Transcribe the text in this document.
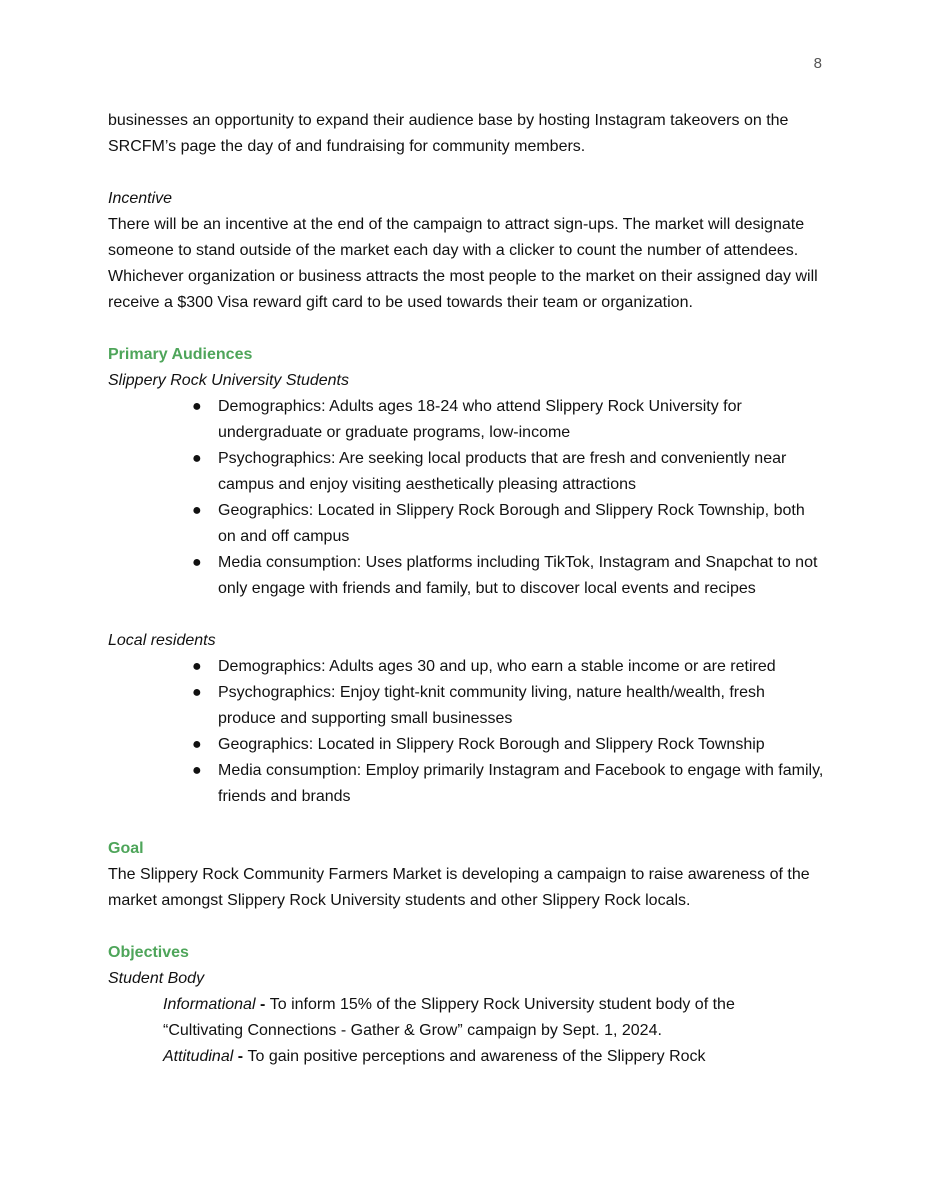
8

businesses an opportunity to expand their audience base by hosting Instagram takeovers on the SRCFM’s page the day of and fundraising for community members.

Incentive

There will be an incentive at the end of the campaign to attract sign-ups. The market will designate someone to stand outside of the market each day with a clicker to count the number of attendees. Whichever organization or business attracts the most people to the market on their assigned day will receive a $300 Visa reward gift card to be used towards their team or organization.

Primary Audiences

Slippery Rock University Students

● Demographics: Adults ages 18-24 who attend Slippery Rock University for undergraduate or graduate programs, low-income
● Psychographics: Are seeking local products that are fresh and conveniently near campus and enjoy visiting aesthetically pleasing attractions
● Geographics: Located in Slippery Rock Borough and Slippery Rock Township, both on and off campus
● Media consumption: Uses platforms including TikTok, Instagram and Snapchat to not only engage with friends and family, but to discover local events and recipes

Local residents

● Demographics: Adults ages 30 and up, who earn a stable income or are retired
● Psychographics: Enjoy tight-knit community living, nature health/wealth, fresh produce and supporting small businesses
● Geographics: Located in Slippery Rock Borough and Slippery Rock Township
● Media consumption: Employ primarily Instagram and Facebook to engage with family, friends and brands

Goal

The Slippery Rock Community Farmers Market is developing a campaign to raise awareness of the market amongst Slippery Rock University students and other Slippery Rock locals.

Objectives

Student Body

Informational - To inform 15% of the Slippery Rock University student body of the “Cultivating Connections - Gather & Grow” campaign by Sept. 1, 2024.

Attitudinal - To gain positive perceptions and awareness of the Slippery Rock
